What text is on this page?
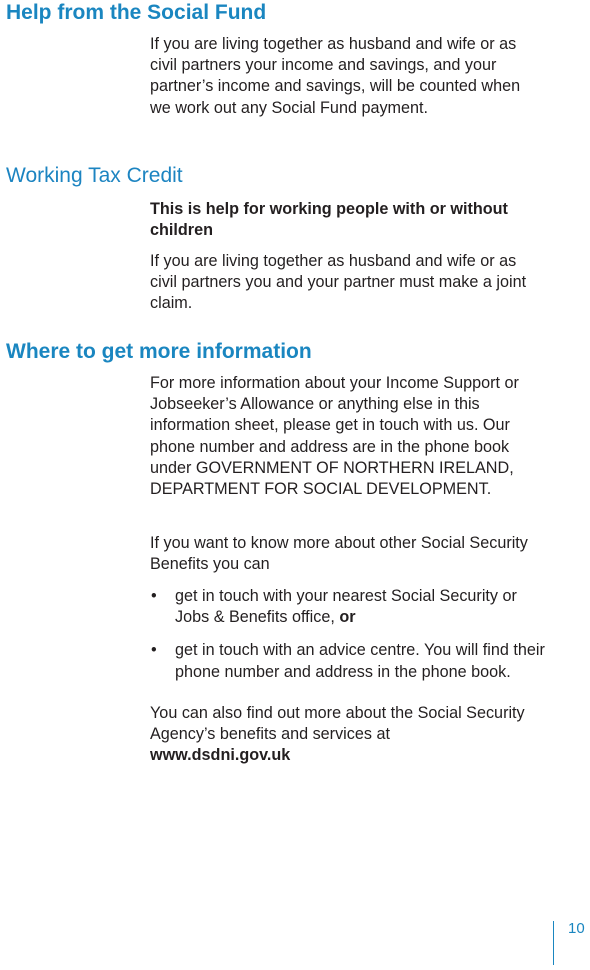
Help from the Social Fund

If you are living together as husband and wife or as civil partners your income and savings, and your partner’s income and savings, will be counted when we work out any Social Fund payment.

Working Tax Credit

This is help for working people with or without children

If you are living together as husband and wife or as civil partners you and your partner must make a joint claim.

Where to get more information

For more information about your Income Support or Jobseeker’s Allowance or anything else in this information sheet, please get in touch with us. Our phone number and address are in the phone book under GOVERNMENT OF NORTHERN IRELAND, DEPARTMENT FOR SOCIAL DEVELOPMENT.

If you want to know more about other Social Security Benefits you can

• get in touch with your nearest Social Security or Jobs & Benefits office, or
• get in touch with an advice centre. You will find their phone number and address in the phone book.

You can also find out more about the Social Security Agency’s benefits and services at
www.dsdni.gov.uk

10
